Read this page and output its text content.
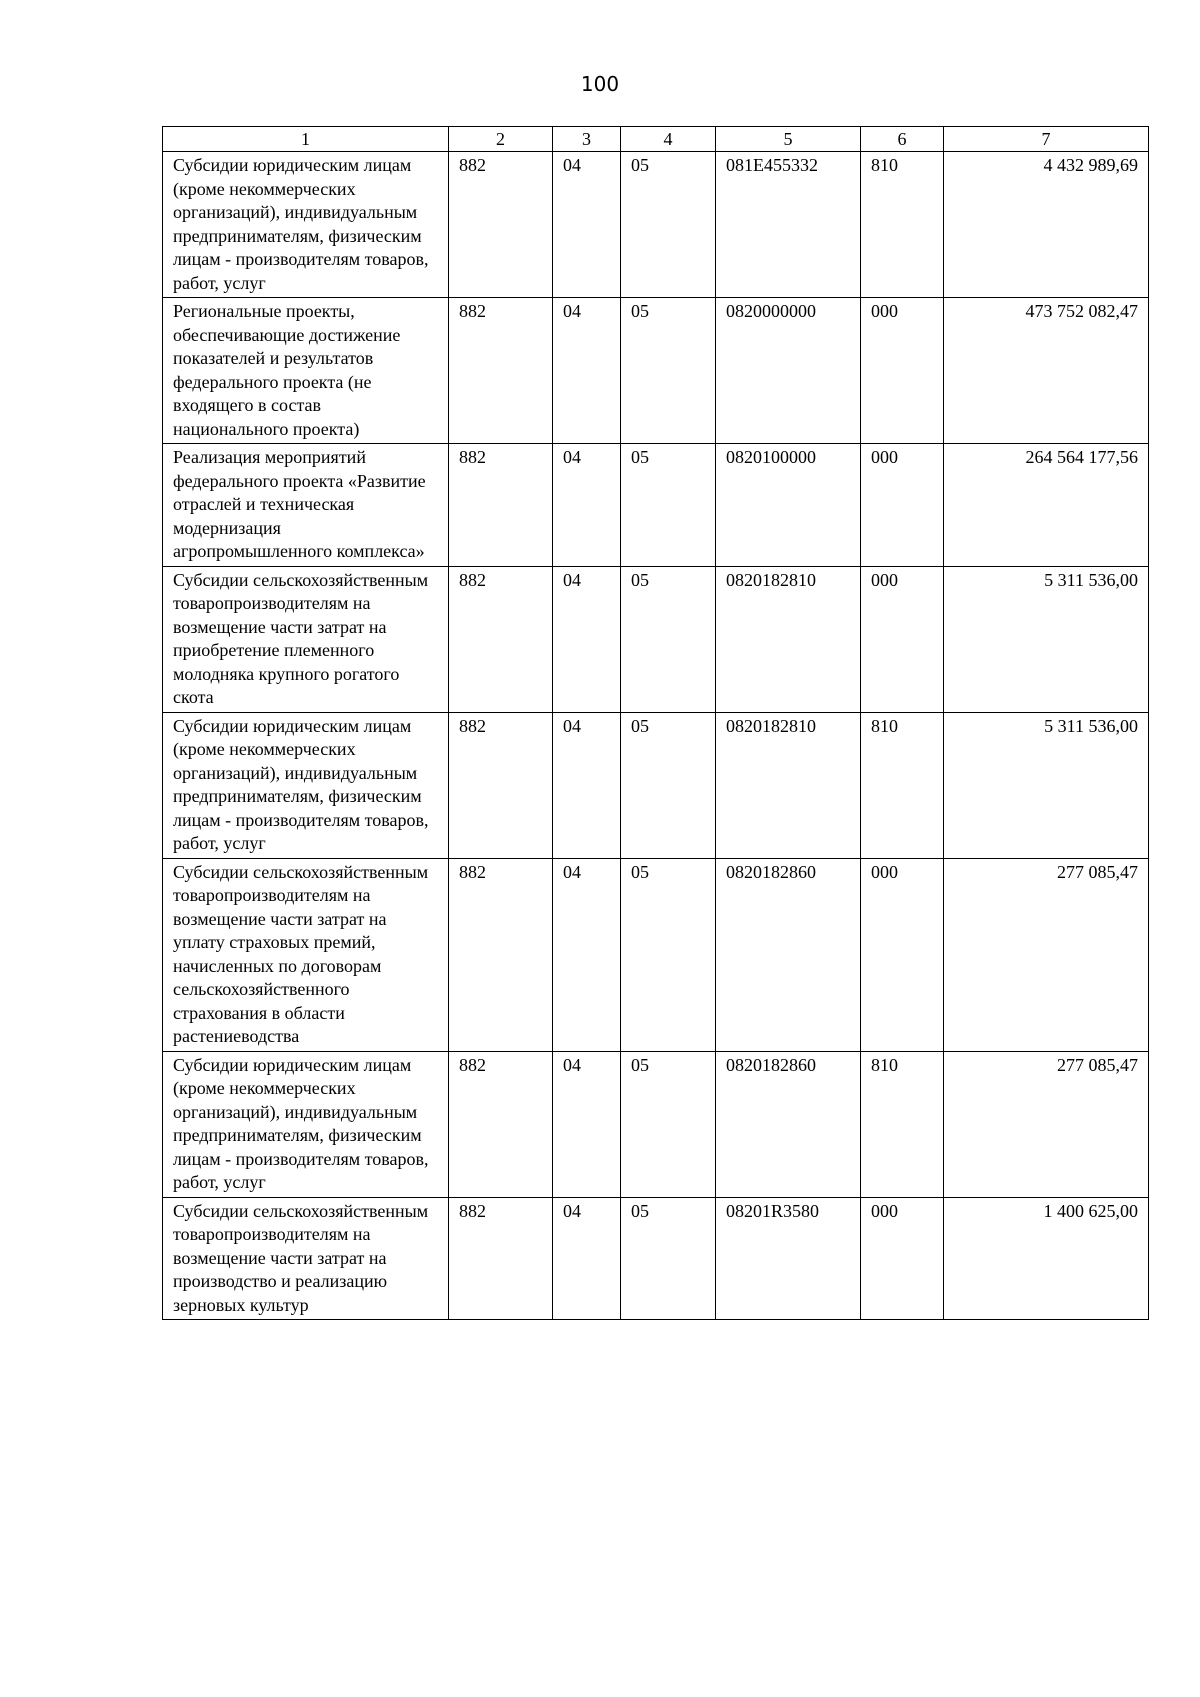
100
1	2	3	4	5	6	7
Субсидии юридическим лицам (кроме некоммерческих организаций), индивидуальным предпринимателям, физическим лицам - производителям товаров, работ, услуг	882	04	05	081E455332	810	4 432 989,69
Региональные проекты, обеспечивающие достижение показателей и результатов федерального проекта (не входящего в состав национального проекта)	882	04	05	0820000000	000	473 752 082,47
Реализация мероприятий федерального проекта «Развитие отраслей и техническая модернизация агропромышленного комплекса»	882	04	05	0820100000	000	264 564 177,56
Субсидии сельскохозяйственным товаропроизводителям на возмещение части затрат на приобретение племенного молодняка крупного рогатого скота	882	04	05	0820182810	000	5 311 536,00
Субсидии юридическим лицам (кроме некоммерческих организаций), индивидуальным предпринимателям, физическим лицам - производителям товаров, работ, услуг	882	04	05	0820182810	810	5 311 536,00
Субсидии сельскохозяйственным товаропроизводителям на возмещение части затрат на уплату страховых премий, начисленных по договорам сельскохозяйственного страхования в области растениеводства	882	04	05	0820182860	000	277 085,47
Субсидии юридическим лицам (кроме некоммерческих организаций), индивидуальным предпринимателям, физическим лицам - производителям товаров, работ, услуг	882	04	05	0820182860	810	277 085,47
Субсидии сельскохозяйственным товаропроизводителям на возмещение части затрат на производство и реализацию зерновых культур	882	04	05	08201R3580	000	1 400 625,00
